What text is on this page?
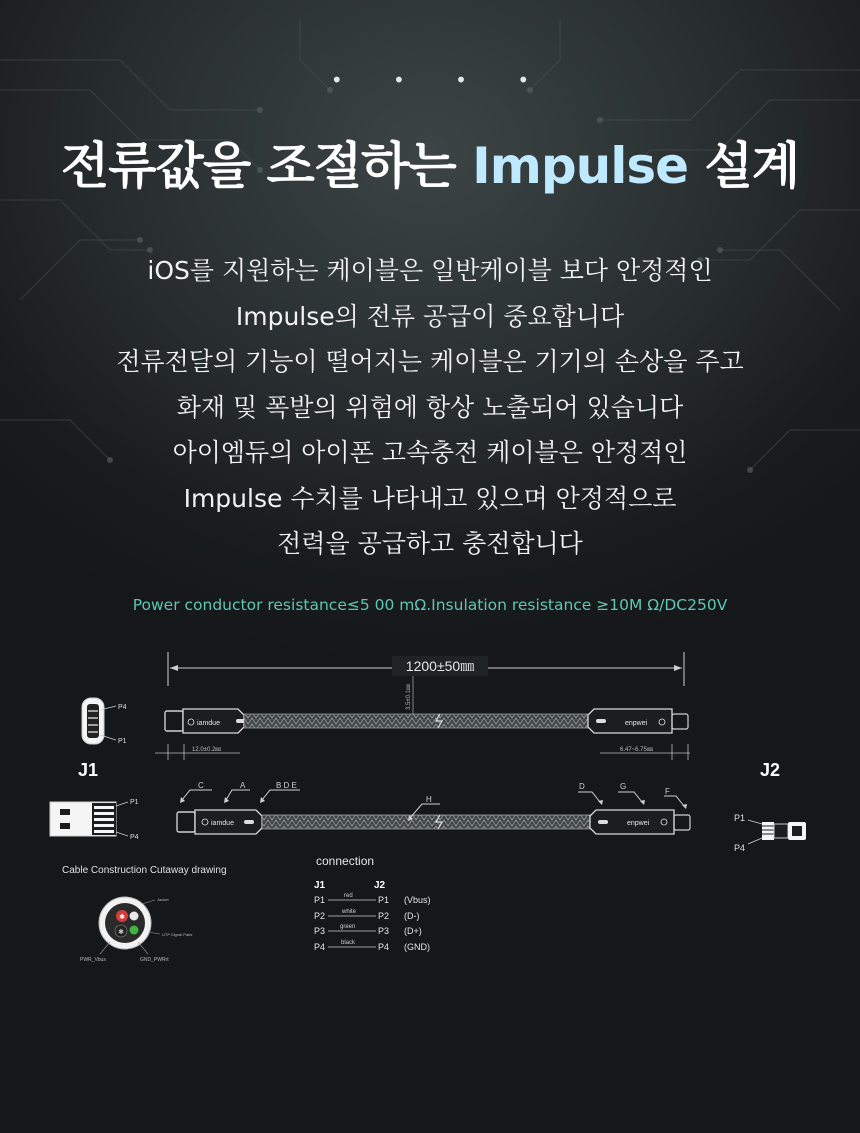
• • • •
전류값을 조절하는 Impulse 설계
iOS를 지원하는 케이블은 일반케이블 보다 안정적인
Impulse의 전류 공급이 중요합니다
전류전달의 기능이 떨어지는 케이블은 기기의 손상을 주고
화재 및 폭발의 위험에 항상 노출되어 있습니다
아이엠듀의 아이폰 고속충전 케이블은 안정적인
Impulse 수치를 나타내고 있으며 안정적으로
전력을 공급하고 충전합니다
Power conductor resistance≤5 00 mΩ.Insulation resistance ≥10M Ω/DC250V
1200±50㎜
3.5±0.1㎜
iamdue	enpwei
12.0±0.2㎜	6.47~6.75㎜
P4
P1
J1	J2
P1
P4
iamdue	enpwei
C	A	B D E
H
D	G
F
P1
P4
Cable Construction Cutaway drawing
✱
✱
Jacket
UTP Signal Pairs
PWR_Vbus	GND_PWRrt
connection
J1	J2
P1	red	P1 (Vbus)
P2	white P2 (D-)
P3 green	P3 (D+)
P4	black	P4 (GND)
